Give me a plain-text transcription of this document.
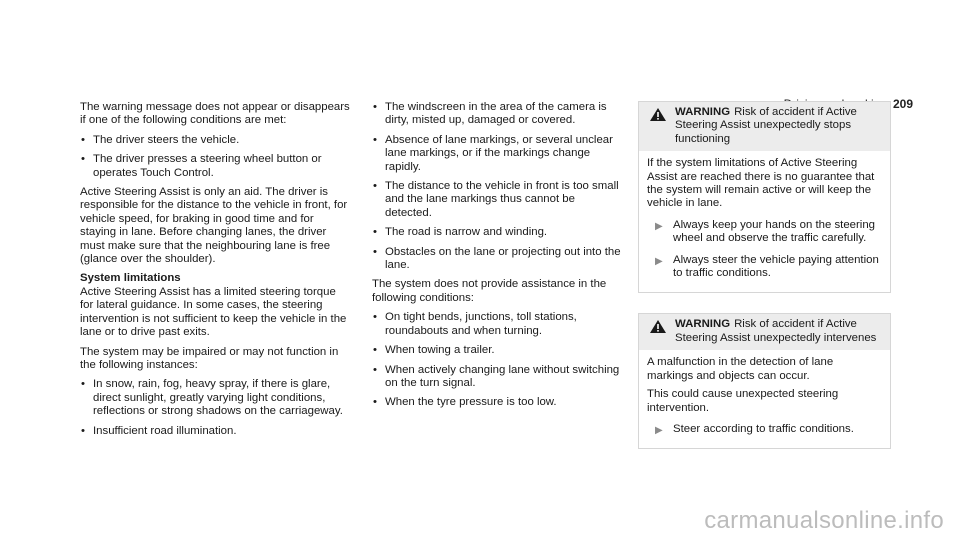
209

The warning message does not appear or disappears if one of the following conditions are met:

• The driver steers the vehicle.
• The driver presses a steering wheel button or operates Touch Control.

Active Steering Assist is only an aid. The driver is responsible for the distance to the vehicle in front, for vehicle speed, for braking in good time and for staying in lane. Before changing lanes, the driver must make sure that the neighbouring lane is free (glance over the shoulder).

System limitations

Active Steering Assist has a limited steering torque for lateral guidance. In some cases, the steering intervention is not sufficient to keep the vehicle in the lane or to drive past exits.

The system may be impaired or may not function in the following instances:

• In snow, rain, fog, heavy spray, if there is glare, direct sunlight, greatly varying light conditions, reflections or strong shadows on the carriageway.
• Insufficient road illumination.
• The windscreen in the area of the camera is dirty, misted up, damaged or covered.
• Absence of lane markings, or several unclear lane markings, or if the markings change rapidly.
• The distance to the vehicle in front is too small and the lane markings thus cannot be detected.
• The road is narrow and winding.
• Obstacles on the lane or projecting out into the lane.

The system does not provide assistance in the following conditions:

• On tight bends, junctions, toll stations, roundabouts and when turning.
• When towing a trailer.
• When actively changing lane without switching on the turn signal.
• When the tyre pressure is too low.
WARNING Risk of accident if Active Steering Assist unexpectedly stops functioning

If the system limitations of Active Steering Assist are reached there is no guarantee that the system will remain active or will keep the vehicle in lane.

▶ Always keep your hands on the steering wheel and observe the traffic carefully.
▶ Always steer the vehicle paying attention to traffic conditions.
WARNING Risk of accident if Active Steering Assist unexpectedly intervenes

A malfunction in the detection of lane markings and objects can occur.

This could cause unexpected steering intervention.

▶ Steer according to traffic conditions.
carmanualsonline.info
